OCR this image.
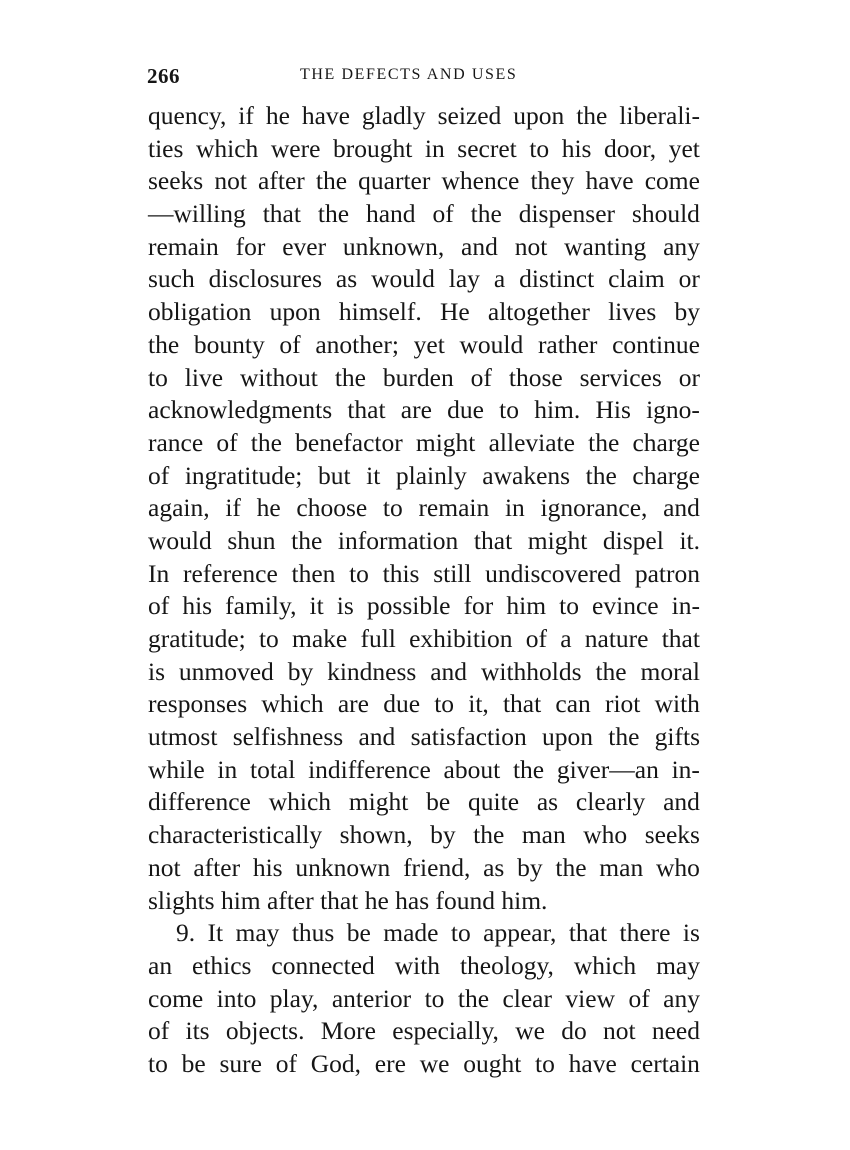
266	THE DEFECTS AND USES
quency, if he have gladly seized upon the liberali-
ties which were brought in secret to his door, yet
seeks not after the quarter whence they have come
—willing that the hand of the dispenser should
remain for ever unknown, and not wanting any
such disclosures as would lay a distinct claim or
obligation upon himself. He altogether lives by
the bounty of another; yet would rather continue
to live without the burden of those services or
acknowledgments that are due to him. His igno-
rance of the benefactor might alleviate the charge
of ingratitude; but it plainly awakens the charge
again, if he choose to remain in ignorance, and
would shun the information that might dispel it.
In reference then to this still undiscovered patron
of his family, it is possible for him to evince in-
gratitude; to make full exhibition of a nature that
is unmoved by kindness and withholds the moral
responses which are due to it, that can riot with
utmost selfishness and satisfaction upon the gifts
while in total indifference about the giver—an in-
difference which might be quite as clearly and
characteristically shown, by the man who seeks
not after his unknown friend, as by the man who
slights him after that he has found him.
9. It may thus be made to appear, that there is
an ethics connected with theology, which may
come into play, anterior to the clear view of any
of its objects. More especially, we do not need
to be sure of God, ere we ought to have certain
